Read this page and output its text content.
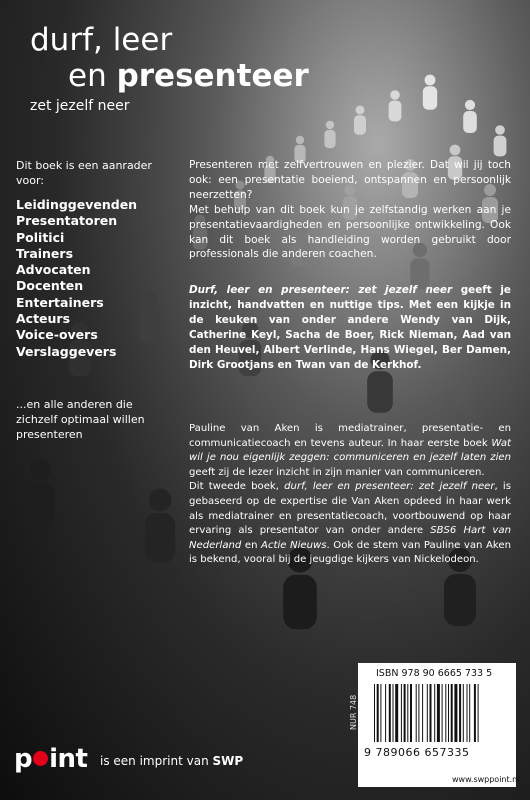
durf, leer
en presenteer
zet jezelf neer
Dit boek is een aanrader voor:
Leidinggevenden
Presentatoren
Politici
Trainers
Advocaten
Docenten
Entertainers
Acteurs
Voice-overs
Verslaggevers
...en alle anderen die zichzelf optimaal willen presenteren
Presenteren met zelfvertrouwen en plezier. Dat wil jij toch ook: een presentatie boeiend, ontspannen en persoonlijk neerzetten?
Met behulp van dit boek kun je zelfstandig werken aan je presentatievaardigheden en persoonlijke ontwikkeling. Ook kan dit boek als handleiding worden gebruikt door professionals die anderen coachen.
Durf, leer en presenteer: zet jezelf neer geeft je inzicht, handvatten en nuttige tips. Met een kijkje in de keuken van onder andere Wendy van Dijk, Catherine Keyl, Sacha de Boer, Rick Nieman, Aad van den Heuvel, Albert Verlinde, Hans Wiegel, Ber Damen, Dirk Grootjans en Twan van de Kerkhof.
Pauline van Aken is mediatrainer, presentatie- en communicatiecoach en tevens auteur. In haar eerste boek Wat wil je nou eigenlijk zeggen: communiceren en jezelf laten zien geeft zij de lezer inzicht in zijn manier van communiceren.
Dit tweede boek, durf, leer en presenteer: zet jezelf neer, is gebaseerd op de expertise die Van Aken opdeed in haar werk als mediatrainer en presentatiecoach, voortbouwend op haar ervaring als presentator van onder andere SBS6 Hart van Nederland en Actie Nieuws. Ook de stem van Pauline van Aken is bekend, vooral bij de jeugdige kijkers van Nickelodeon.
ISBN 978 90 6665 733 5
9 789066 657335
www.swppoint.nl
NUR 748
p int is een imprint van SWP
